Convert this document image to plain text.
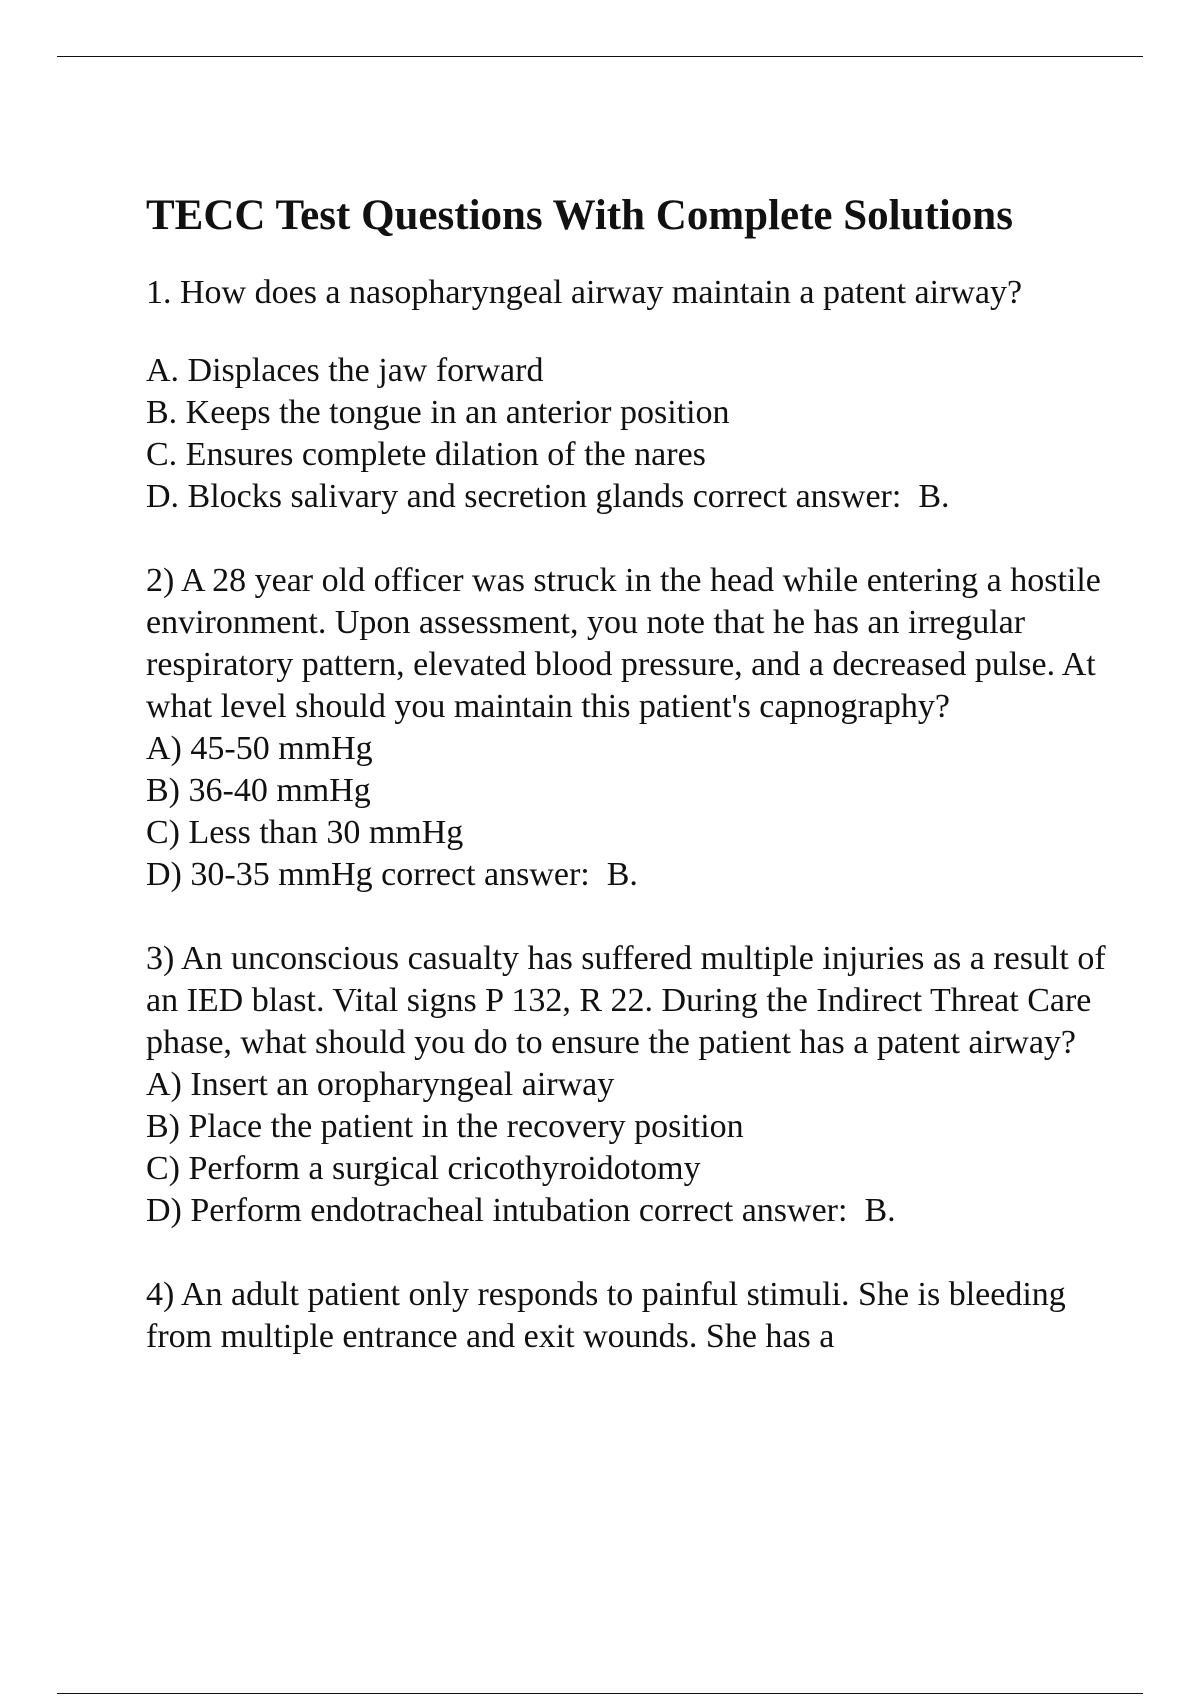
TECC Test Questions With Complete Solutions

1. How does a nasopharyngeal airway maintain a patent airway?

A. Displaces the jaw forward

B. Keeps the tongue in an anterior position

C. Ensures complete dilation of the nares

D. Blocks salivary and secretion glands correct answer:  B.

2) A 28 year old officer was struck in the head while entering a hostile environment. Upon assessment, you note that he has an irregular respiratory pattern, elevated blood pressure, and a decreased pulse. At what level should you maintain this patient's capnography?

A) 45-50 mmHg

B) 36-40 mmHg

C) Less than 30 mmHg

D) 30-35 mmHg correct answer:  B.

3) An unconscious casualty has suffered multiple injuries as a result of an IED blast. Vital signs P 132, R 22. During the Indirect Threat Care phase, what should you do to ensure the patient has a patent airway?

A) Insert an oropharyngeal airway

B) Place the patient in the recovery position

C) Perform a surgical cricothyroidotomy

D) Perform endotracheal intubation correct answer:  B.

4) An adult patient only responds to painful stimuli. She is bleeding from multiple entrance and exit wounds. She has a
